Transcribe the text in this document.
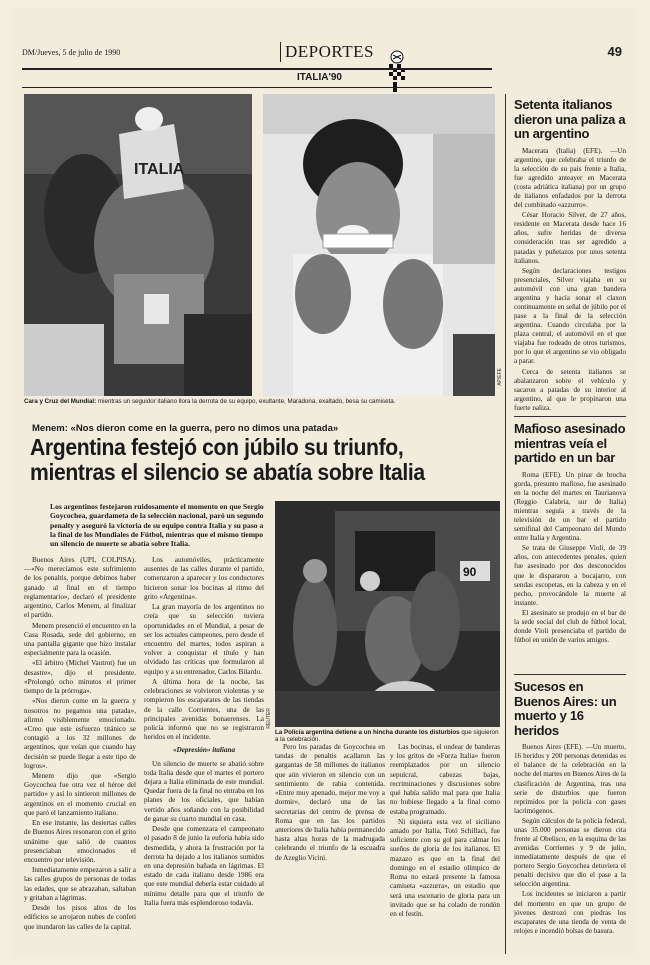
DM/Jueves, 5 de julio de 1990	DEPORTES	49
ITALIA'90
ITALIA
AP/EFE
Cara y Cruz del Mundial: mientras un seguidor italiano llora la derrota de su equipo, exultante, Maradona, exaltado, besa su camiseta.
Menem: «Nos dieron come en la guerra, pero no dimos una patada»
Argentina festejó con júbilo su triunfo,
mientras el silencio se abatía sobre Italia
Los argentinos festejaron ruidosamente el momento en que Sergio Goycochea, guardameta de la selección nacional, paró un segundo penalty y aseguró la victoria de su equipo contra Italia y su paso a la final de los Mundiales de Fútbol, mientras que el mismo tiempo un silencio de muerte se abatía sobre Italia.
90
REUTER
La Policía argentina detiene a un hincha durante los disturbios que siguieron a la celebración.

Buenos Aires (UPI, COLPISA). —«No merecíamos este sufrimiento de los penaltis, porque debimos haber ganado al final en el tiempo reglamentario», declaró el presidente argentino, Carlos Menem, al finalizar el partido.

Menem presenció el encuentro en la Casa Rosada, sede del gobierno, en una pantalla gigante que hizo instalar especialmente para la ocasión.

«El árbitro (Michel Vautrot) fue un desastre», dijo el presidente. «Prolongó ocho minutos el primer tiempo de la prórroga».

«Nos dieron come en la guerra y nosotros no pegamos una patada», afirmó visiblemente emocionado. «Creo que este esfuerzo titánico se contagió a los 32 millones de argentinos, que veían que cuando hay decisión se puede llegar a este tipo de logros».

Menem dijo que «Sergio Goycochea fue otra vez el héroe del partido» y así lo sintieron millones de argentinos en el momento crucial en que paró el lanzamiento italiano.

En ese instante, las desiertas calles de Buenos Aires resonaron con el grito unánime que salió de cuantos presenciaban emocionados el encuentro por televisión.

Inmediatamente empezaron a salir a las calles grupos de personas de todas las edades, que se abrazaban, saltaban y gritaban a lágrimas.

Desde los pisos altos de los edificios se arrojaron nubes de confeti que inundaron las calles de la capital.

Los automóviles, prácticamente ausentes de las calles durante el partido, comenzaron a aparecer y los conductores hicieron sonar los bocinas al ritmo del grito «Argentina».

La gran mayoría de los argentinos no creía que su selección tuviera oportunidades en el Mundial, a pesar de ser los actuales campeones, pero desde el encuentro del martes, todos aspiran a volver a conquistar el título y han olvidado las críticas que formularon al equipo y a su entrenador, Carlos Bilardo.

A última hora de la noche, las celebraciones se volvieron violentas y se rompieron los escaparates de las tiendas de la calle Corrientes, una de las principales avenidas bonaerenses. La policía informó que no se registraron heridos en el incidente.

«Depresión» italiana

Un silencio de muerte se abatió sobre toda Italia desde que el martes el portero dejara a Italia eliminada de este mundial. Quedar fuera de la final no entraba en los planes de los oficiales, que habían vertido años soñando con la posibilidad de ganar su cuarto mundial en casa.

Desde que comenzara el campeonato el pasado 8 de junio la euforia había sido desmedida, y ahora la frustración por la derrota ha dejado a los italianos sumidos en una depresión bañada en lágrimas. El estado de cada italiano desde 1986 era que este mundial debería estar cuidado al mínimo detalle para que el triunfo de Italia fuera más esplendoroso todavía.

Pero los paradas de Goycochea en tandas de penaltis acallaron las gargantas de 58 millones de italianos que aún vivieron en silencio con un sentimiento de rabia contenida. «Entre muy apenado, mejor me voy a dormir», declaró una de las secretarias del centro de prensa de Roma que en las los partidos anteriores de Italia había permanecido hasta altas horas de la madrugada celebrando el triunfo de la escuadra de Azeglio Vicini.

Las bocinas, el ondear de banderas y los gritos de «Forza Italia» fueron reemplazados por un silencio sepulcral, cabezas bajas, recriminaciones y discusiones sobre qué había salido mal para que Italia no hubiese llegado a la final como estaba programado.

Ni siquiera esta vez el siciliano amado por Italia, Totó Schillaci, fue suficiente con su gol para calmar los sueños de gloria de los italianos. El mazazo es que en la final del domingo en el estadio olímpico de Roma no estará presente la famosa camiseta «azzurra», un estadio que será una escenario de gloria para un invitado que se ha colado de rondón en el festín.

Setenta italianos dieron una paliza a un argentino

Macerata (Italia) (EFE). —Un argentino, que celebraba el triunfo de la selección de su país frente a Italia, fue agredido anteayer en Macerata (costa adriática italiana) por un grupo de italianos enfadados por la derrota del combinado «azzurro».

César Horacio Silver, de 27 años, residente en Macerata desde hace 16 años, sufre heridas de diversa consideración tras ser agredido a patadas y puñetazos por unos setenta italianos.

Según declaraciones testigos presenciales, Silver viajaba en su automóvil con una gran bandera argentina y hacía sonar el claxon continuamente en señal de júbilo por el pase a la final de la selección argentina. Cuando circulaba por la plaza central, el automóvil en el que viajaba fue rodeado de otros turismos, por lo que el argentino se vio obligado a parar.

Cerca de setenta italianos se abalanzaron sobre el vehículo y sacaron a patadas de su interior al argentino, al que le propinaron una fuerte paliza.

Mafioso asesinado mientras veía el partido en un bar

Roma (EFE). Un pinar de brocha gorda, presunto mafioso, fue asesinado en la noche del martes en Taurianova (Reggio Calabria, sur de Italia) mientras seguía a través de la televisión de un bar el partido semifinal del Campeonato del Mundo entre Italia y Argentina.

Se trata de Giuseppe Violi, de 39 años, con antecedentes penales, quien fue asesinado por dos desconocidos que le dispararon a bocajarro, con sendas escopetas, en la cabeza y en el pecho, provocándole la muerte al instante.

El asesinato se produjo en el bar de la sede social del club de fútbol local, donde Violi presenciaba el partido de fútbol en unión de varios amigos.

Sucesos en Buenos Aires: un muerto y 16 heridos

Buenos Aires (EFE). —Un muerto, 16 heridos y 200 personas detenidas es el balance de la celebración en la noche del martes en Buenos Aires de la clasificación de Argentina, tras una serie de disturbios que fueron reprimidos por la policía con gases lacrimógenos.

Según cálculos de la policía federal, unas 35.000 personas se dieron cita frente al Obelisco, en la esquina de las avenidas Corrientes y 9 de julio, inmediatamente después de que el portero Sergio Goycochea detuviera el penalti decisivo que dio el pase a la selección argentina.

Los incidentes se iniciaron a partir del momento en que un grupo de jóvenes destrozó con piedras los escaparates de una tienda de venta de relojes e incendió bolsas de basura.
